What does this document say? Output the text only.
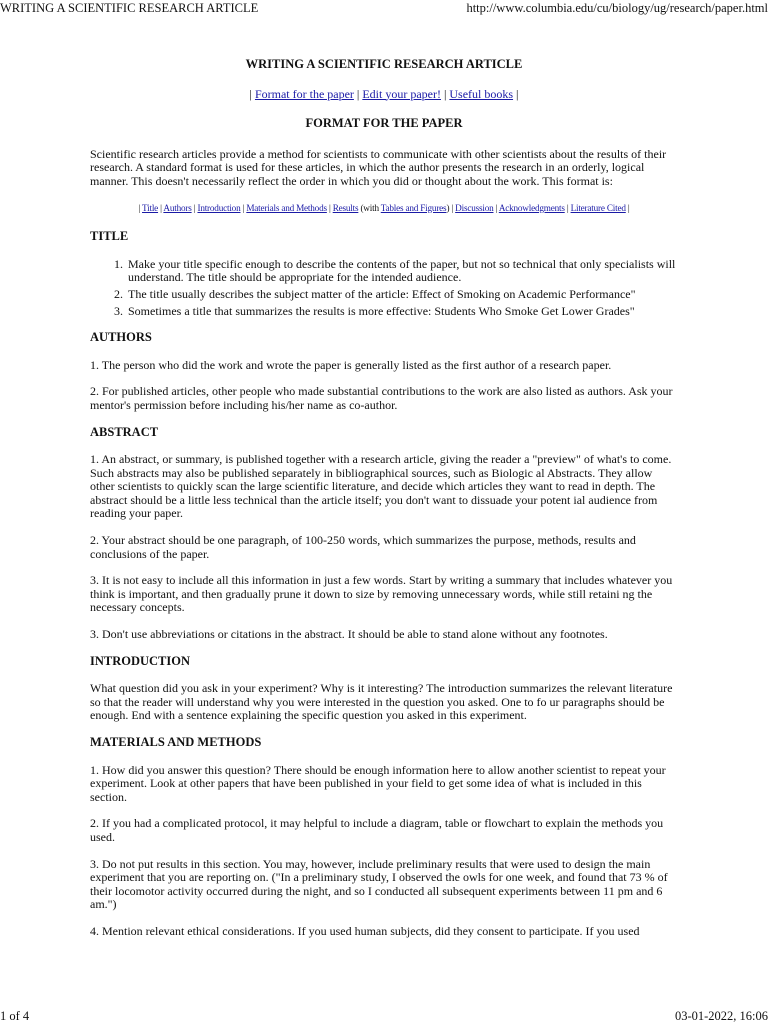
WRITING A SCIENTIFIC RESEARCH ARTICLE	http://www.columbia.edu/cu/biology/ug/research/paper.html
WRITING A SCIENTIFIC RESEARCH ARTICLE
| Format for the paper | Edit your paper! | Useful books |
FORMAT FOR THE PAPER

Scientific research articles provide a method for scientists to communicate with other scientists about the results of their research. A standard format is used for these articles, in which the author presents the research in an orderly, logical manner. This doesn't necessarily reflect the order in which you did or thought about the work. This format is:

| Title | Authors | Introduction | Materials and Methods | Results (with Tables and Figures) | Discussion | Acknowledgments | Literature Cited |
TITLE
1. Make your title specific enough to describe the contents of the paper, but not so technical that only specialists will understand. The title should be appropriate for the intended audience.
2. The title usually describes the subject matter of the article: Effect of Smoking on Academic Performance"
3. Sometimes a title that summarizes the results is more effective: Students Who Smoke Get Lower Grades"
AUTHORS

1. The person who did the work and wrote the paper is generally listed as the first author of a research paper.

2. For published articles, other people who made substantial contributions to the work are also listed as authors. Ask your mentor's permission before including his/her name as co-author.

ABSTRACT

1. An abstract, or summary, is published together with a research article, giving the reader a "preview" of what's to come. Such abstracts may also be published separately in bibliographical sources, such as Biologic al Abstracts. They allow other scientists to quickly scan the large scientific literature, and decide which articles they want to read in depth. The abstract should be a little less technical than the article itself; you don't want to dissuade your potent ial audience from reading your paper.

2. Your abstract should be one paragraph, of 100-250 words, which summarizes the purpose, methods, results and conclusions of the paper.

3. It is not easy to include all this information in just a few words. Start by writing a summary that includes whatever you think is important, and then gradually prune it down to size by removing unnecessary words, while still retaini ng the necessary concepts.

3. Don't use abbreviations or citations in the abstract. It should be able to stand alone without any footnotes.

INTRODUCTION

What question did you ask in your experiment? Why is it interesting? The introduction summarizes the relevant literature so that the reader will understand why you were interested in the question you asked. One to fo ur paragraphs should be enough. End with a sentence explaining the specific question you asked in this experiment.

MATERIALS AND METHODS

1. How did you answer this question? There should be enough information here to allow another scientist to repeat your experiment. Look at other papers that have been published in your field to get some idea of what is included in this section.

2. If you had a complicated protocol, it may helpful to include a diagram, table or flowchart to explain the methods you used.

3. Do not put results in this section. You may, however, include preliminary results that were used to design the main experiment that you are reporting on. ("In a preliminary study, I observed the owls for one week, and found that 73 % of their locomotor activity occurred during the night, and so I conducted all subsequent experiments between 11 pm and 6 am.")

4. Mention relevant ethical considerations. If you used human subjects, did they consent to participate. If you used

1 of 4	03-01-2022, 16:06
